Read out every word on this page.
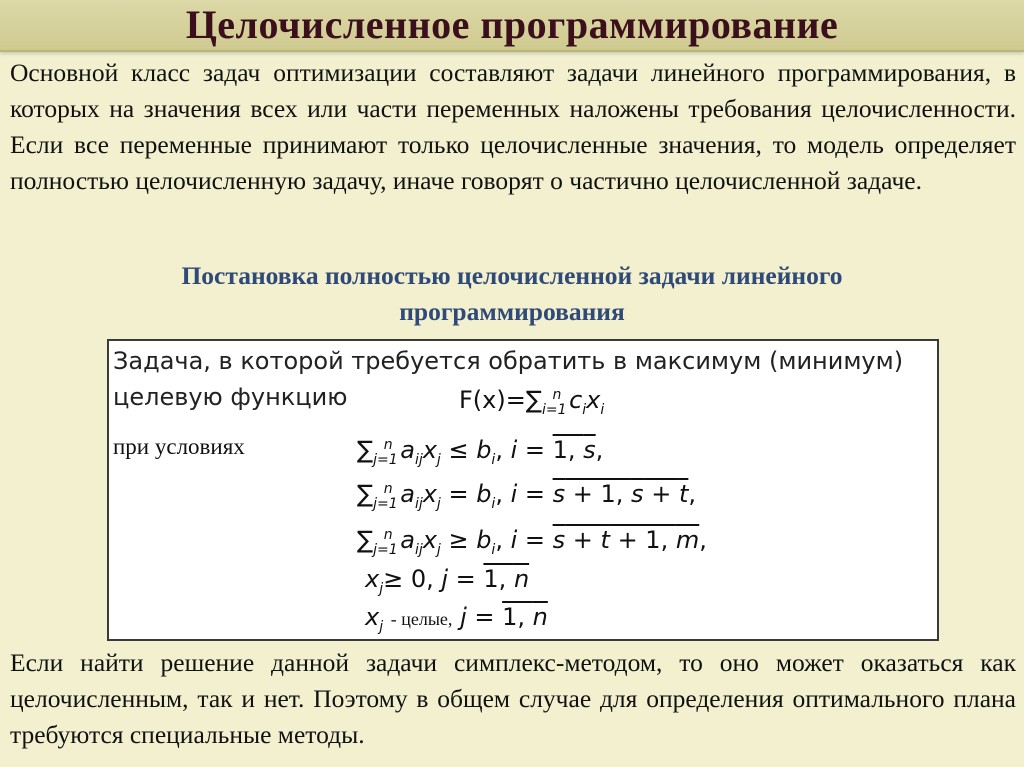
Целочисленное программирование

Основной класс задач оптимизации составляют задачи линейного программирования, в которых на значения всех или части переменных наложены требования целочисленности. Если все переменные принимают только целочисленные значения, то модель определяет полностью целочисленную задачу, иначе говорят о частично целочисленной задаче.

Постановка полностью целочисленной задачи линейного
программирования
Задача, в которой требуется обратить в максимум (минимум)
целевую функцию	$F(x)=\sum_{i=1}^n$ $c_ix_i$
при условиях	$\sum_{j=1}^n$ $a_{ij}x_j \le b_i$, i = 1, s,
$\sum_{j=1}^n$ $a_{ij}x_j = b_i$, i = s + 1, s + t,
$\sum_{j=1}^n$ $a_{ij}x_j \ge b_i$, i = s + t + 1, m,
$x_j\ge 0$, j = 1, n
$x_j$ - целые, j = 1, n

Если найти решение данной задачи симплекс-методом, то оно может оказаться как целочисленным, так и нет. Поэтому в общем случае для определения оптимального плана требуются специальные методы.
